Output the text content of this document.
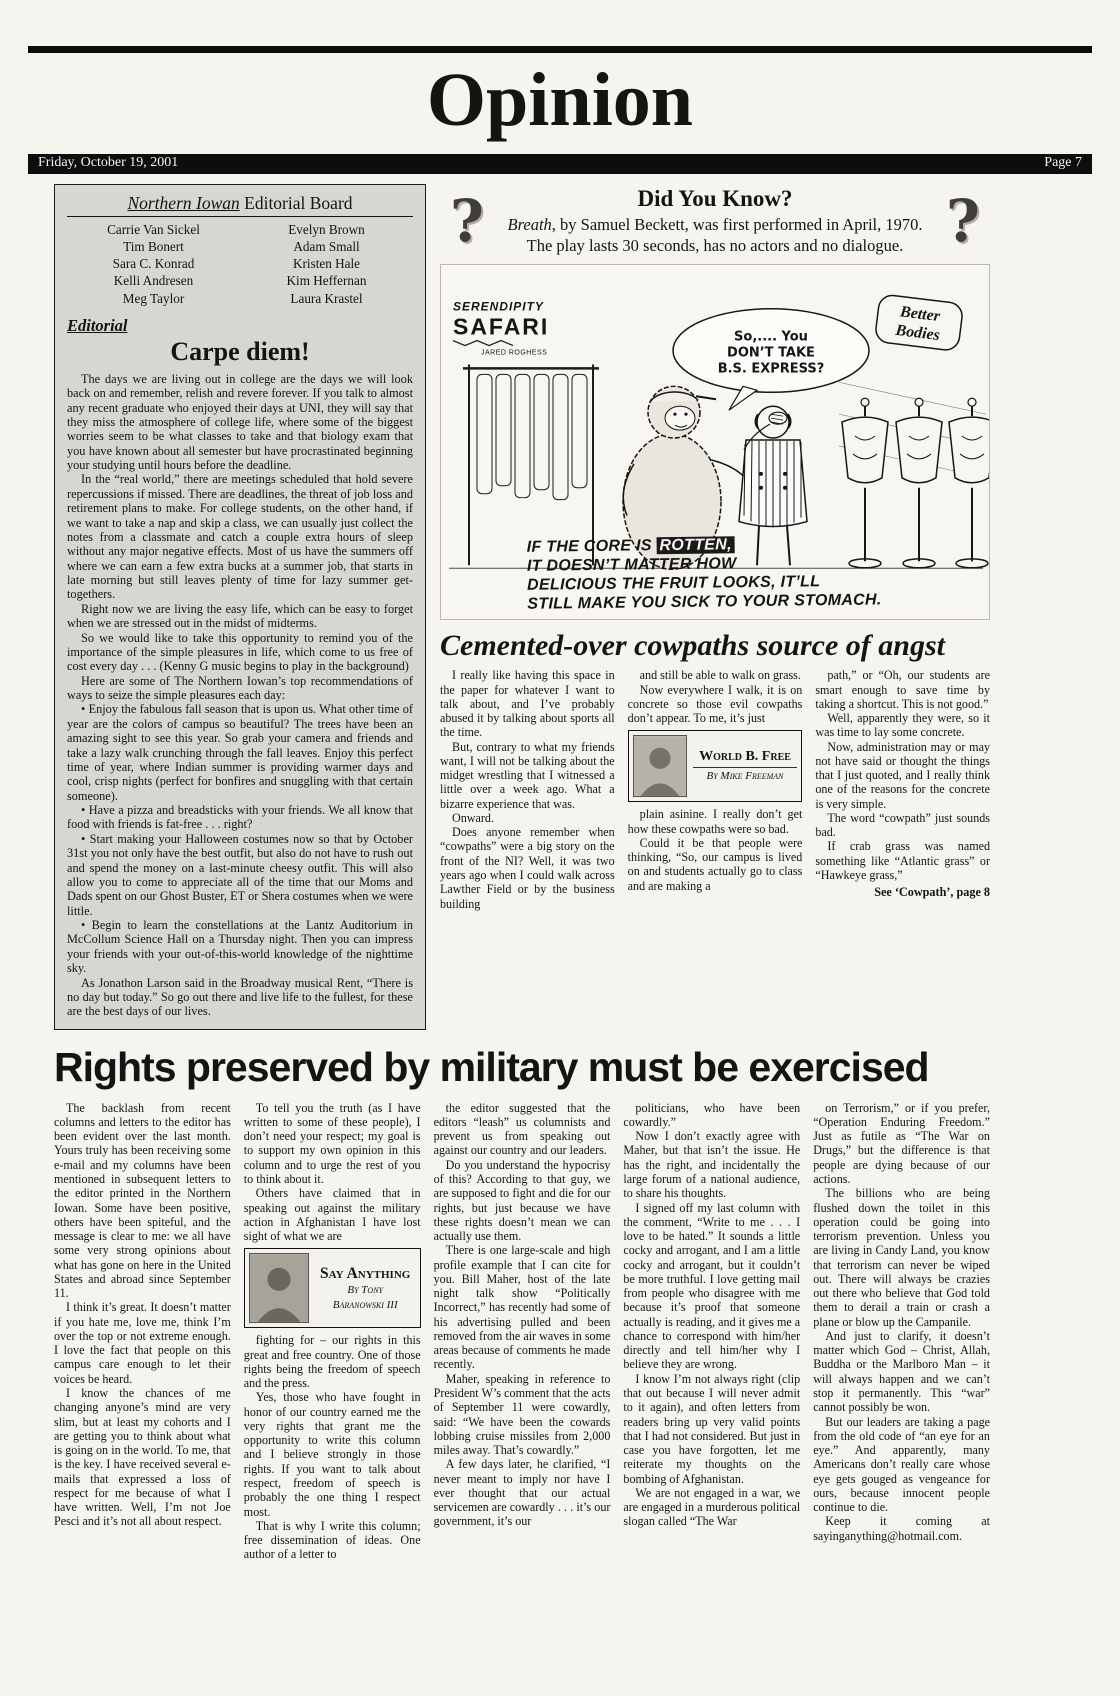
Opinion
Friday, October 19, 2001	Page 7
Northern Iowan Editorial Board
Carrie Van Sickel
Tim Bonert
Sara C. Konrad
Kelli Andresen
Meg Taylor
Evelyn Brown
Adam Small
Kristen Hale
Kim Heffernan
Laura Krastel
Editorial
Carpe diem!

The days we are living out in college are the days we will look back on and remember, relish and revere forever. If you talk to almost any recent graduate who enjoyed their days at UNI, they will say that they miss the atmosphere of college life, where some of the biggest worries seem to be what classes to take and that biology exam that you have known about all semester but have procrastinated beginning your studying until hours before the deadline.

In the “real world,” there are meetings scheduled that hold severe repercussions if missed. There are deadlines, the threat of job loss and retirement plans to make. For college students, on the other hand, if we want to take a nap and skip a class, we can usually just collect the notes from a classmate and catch a couple extra hours of sleep without any major negative effects. Most of us have the summers off where we can earn a few extra bucks at a summer job, that starts in late morning but still leaves plenty of time for lazy summer get-togethers.

Right now we are living the easy life, which can be easy to forget when we are stressed out in the midst of midterms.

So we would like to take this opportunity to remind you of the importance of the simple pleasures in life, which come to us free of cost every day . . . (Kenny G music begins to play in the background)

Here are some of The Northern Iowan’s top recommendations of ways to seize the simple pleasures each day:

• Enjoy the fabulous fall season that is upon us. What other time of year are the colors of campus so beautiful? The trees have been an amazing sight to see this year. So grab your camera and friends and take a lazy walk crunching through the fall leaves. Enjoy this perfect time of year, where Indian summer is providing warmer days and cool, crisp nights (perfect for bonfires and snuggling with that certain someone).

• Have a pizza and breadsticks with your friends. We all know that food with friends is fat-free . . . right?

• Start making your Halloween costumes now so that by October 31st you not only have the best outfit, but also do not have to rush out and spend the money on a last-minute cheesy outfit. This will also allow you to come to appreciate all of the time that our Moms and Dads spent on our Ghost Buster, ET or Shera costumes when we were little.

• Begin to learn the constellations at the Lantz Auditorium in McCollum Science Hall on a Thursday night. Then you can impress your friends with your out-of-this-world knowledge of the nighttime sky.

As Jonathon Larson said in the Broadway musical Rent, “There is no day but today.” So go out there and live life to the fullest, for these are the best days of our lives.

?	Did You Know?

Breath, by Samuel Beckett, was first performed in April, 1970. The play lasts 30 seconds, has no actors and no dialogue. ?
SERENDIPITY
SAFARI
JARED ROGHESS
So,.... You
DON’T TAKE
B.S. EXPRESS?
Better
Bodies
IF THE CORE IS ROTTEN,
IT DOESN’T MATTER HOW
DELICIOUS THE FRUIT LOOKS, IT’LL
STILL MAKE YOU SICK TO YOUR STOMACH.
Cemented-over cowpaths source of angst

I really like having this space in the paper for whatever I want to talk about, and I’ve probably abused it by talking about sports all the time.

But, contrary to what my friends want, I will not be talking about the midget wrestling that I witnessed a little over a week ago. What a bizarre experience that was.

Onward.

Does anyone remember when “cowpaths” were a big story on the front of the NI? Well, it was two years ago when I could walk across Lawther Field or by the business building

and still be able to walk on grass.

Now everywhere I walk, it is on concrete so those evil cowpaths don’t appear. To me, it’s just

World B. Free
By Mike Freeman

plain asinine. I really don’t get how these cowpaths were so bad.

Could it be that people were thinking, “So, our campus is lived on and students actually go to class and are making a

path,” or “Oh, our students are smart enough to save time by taking a shortcut. This is not good.”

Well, apparently they were, so it was time to lay some concrete.

Now, administration may or may not have said or thought the things that I just quoted, and I really think one of the reasons for the concrete is very simple.

The word “cowpath” just sounds bad.

If crab grass was named something like “Atlantic grass” or “Hawkeye grass,”

See ‘Cowpath’, page 8
Rights preserved by military must be exercised

The backlash from recent columns and letters to the editor has been evident over the last month. Yours truly has been receiving some e-mail and my columns have been mentioned in subsequent letters to the editor printed in the Northern Iowan. Some have been positive, others have been spiteful, and the message is clear to me: we all have some very strong opinions about what has gone on here in the United States and abroad since September 11.

I think it’s great. It doesn’t matter if you hate me, love me, think I’m over the top or not extreme enough. I love the fact that people on this campus care enough to let their voices be heard.

I know the chances of me changing anyone’s mind are very slim, but at least my cohorts and I are getting you to think about what is going on in the world. To me, that is the key. I have received several e-mails that expressed a loss of respect for me because of what I have written. Well, I’m not Joe Pesci and it’s not all about respect.

To tell you the truth (as I have written to some of these people), I don’t need your respect; my goal is to support my own opinion in this column and to urge the rest of you to think about it.

Others have claimed that in speaking out against the military action in Afghanistan I have lost sight of what we are

Say Anything
By Tony
Baranowski III

fighting for – our rights in this great and free country. One of those rights being the freedom of speech and the press.

Yes, those who have fought in honor of our country earned me the very rights that grant me the opportunity to write this column and I believe strongly in those rights. If you want to talk about respect, freedom of speech is probably the one thing I respect most.

That is why I write this column; free dissemination of ideas. One author of a letter to

the editor suggested that the editors “leash” us columnists and prevent us from speaking out against our country and our leaders.

Do you understand the hypocrisy of this? According to that guy, we are supposed to fight and die for our rights, but just because we have these rights doesn’t mean we can actually use them.

There is one large-scale and high profile example that I can cite for you. Bill Maher, host of the late night talk show “Politically Incorrect,” has recently had some of his advertising pulled and been removed from the air waves in some areas because of comments he made recently.

Maher, speaking in reference to President W’s comment that the acts of September 11 were cowardly, said: “We have been the cowards lobbing cruise missiles from 2,000 miles away. That’s cowardly.”

A few days later, he clarified, “I never meant to imply nor have I ever thought that our actual servicemen are cowardly . . . it’s our government, it’s our

politicians, who have been cowardly.”

Now I don’t exactly agree with Maher, but that isn’t the issue. He has the right, and incidentally the large forum of a national audience, to share his thoughts.

I signed off my last column with the comment, “Write to me . . . I love to be hated.” It sounds a little cocky and arrogant, and I am a little cocky and arrogant, but it couldn’t be more truthful. I love getting mail from people who disagree with me because it’s proof that someone actually is reading, and it gives me a chance to correspond with him/her directly and tell him/her why I believe they are wrong.

I know I’m not always right (clip that out because I will never admit to it again), and often letters from readers bring up very valid points that I had not considered. But just in case you have forgotten, let me reiterate my thoughts on the bombing of Afghanistan.

We are not engaged in a war, we are engaged in a murderous political slogan called “The War

on Terrorism,” or if you prefer, “Operation Enduring Freedom.” Just as futile as “The War on Drugs,” but the difference is that people are dying because of our actions.

The billions who are being flushed down the toilet in this operation could be going into terrorism prevention. Unless you are living in Candy Land, you know that terrorism can never be wiped out. There will always be crazies out there who believe that God told them to derail a train or crash a plane or blow up the Campanile.

And just to clarify, it doesn’t matter which God – Christ, Allah, Buddha or the Marlboro Man – it will always happen and we can’t stop it permanently. This “war” cannot possibly be won.

But our leaders are taking a page from the old code of “an eye for an eye.” And apparently, many Americans don’t really care whose eye gets gouged as vengeance for ours, because innocent people continue to die.

Keep it coming at sayinganything@hotmail.com.
